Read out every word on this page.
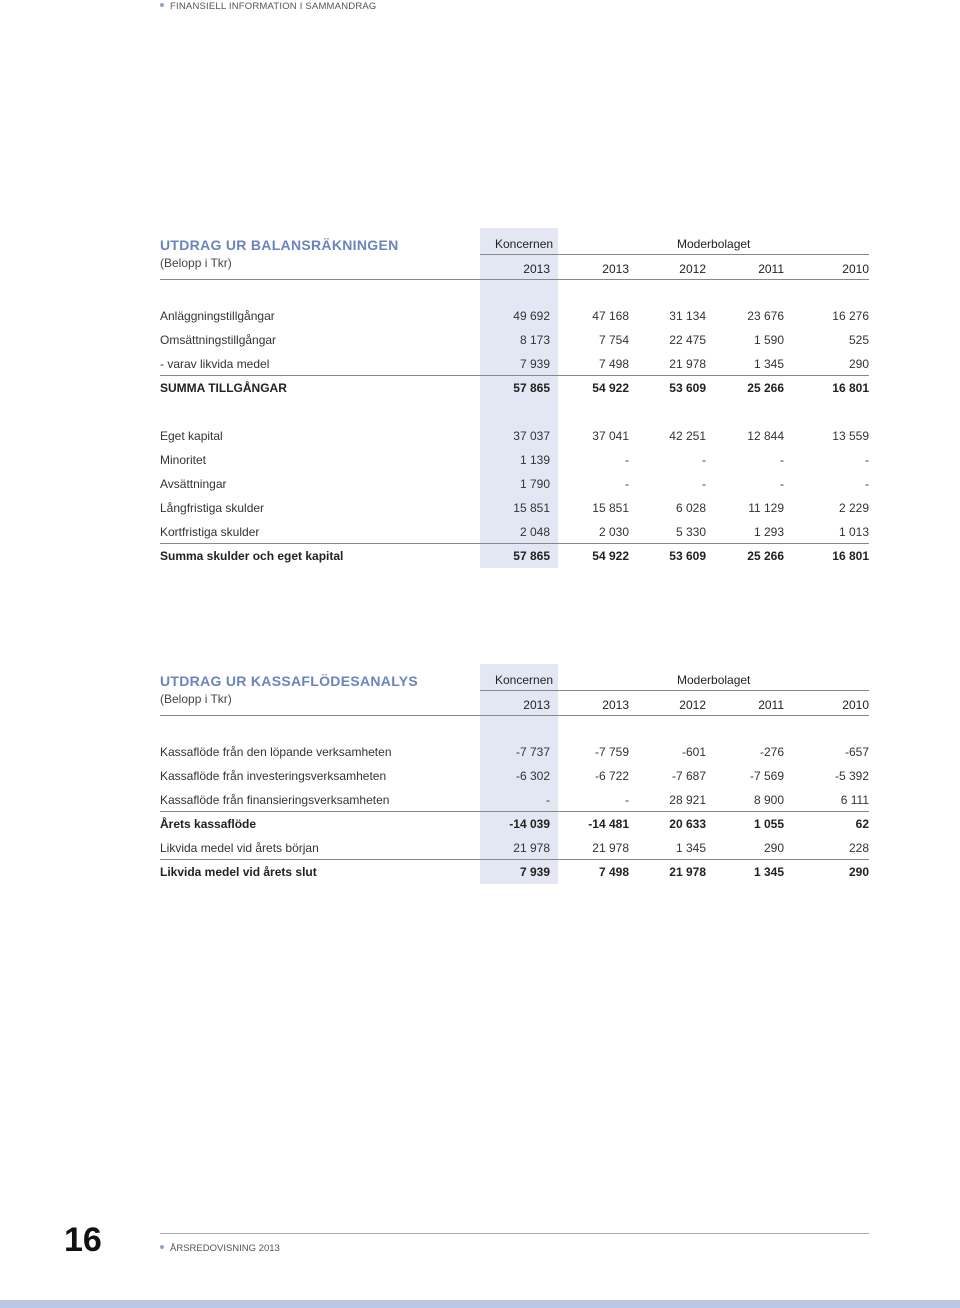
FINANSIELL INFORMATION I SAMMANDRAG
UTDRAG UR BALANSRÄKNINGEN
(Belopp i Tkr)
Koncernen	Moderbolaget
2013	2013	2012	2011	2010
Anläggningstillgångar	49 692	47 168	31 134	23 676	16 276
Omsättningstillgångar	8 173	7 754	22 475	1 590	525
- varav likvida medel	7 939	7 498	21 978	1 345	290
SUMMA TILLGÅNGAR	57 865	54 922	53 609	25 266	16 801
Eget kapital	37 037	37 041	42 251	12 844	13 559
Minoritet	1 139	-	-	-	-
Avsättningar	1 790	-	-	-	-
Långfristiga skulder	15 851	15 851	6 028	11 129	2 229
Kortfristiga skulder	2 048	2 030	5 330	1 293	1 013
Summa skulder och eget kapital	57 865	54 922	53 609	25 266	16 801
UTDRAG UR KASSAFLÖDESANALYS
(Belopp i Tkr)
Koncernen	Moderbolaget
2013	2013	2012	2011	2010
Kassaflöde från den löpande verksamheten	-7 737	-7 759	-601	-276	-657
Kassaflöde från investeringsverksamheten	-6 302	-6 722	-7 687	-7 569	-5 392
Kassaflöde från finansieringsverksamheten	-	-	28 921	8 900	6 111
Årets kassaflöde	-14 039	-14 481	20 633	1 055	62
Likvida medel vid årets början	21 978	21 978	1 345	290	228
Likvida medel vid årets slut	7 939	7 498	21 978	1 345	290
16	ÅRSREDOVISNING 2013
